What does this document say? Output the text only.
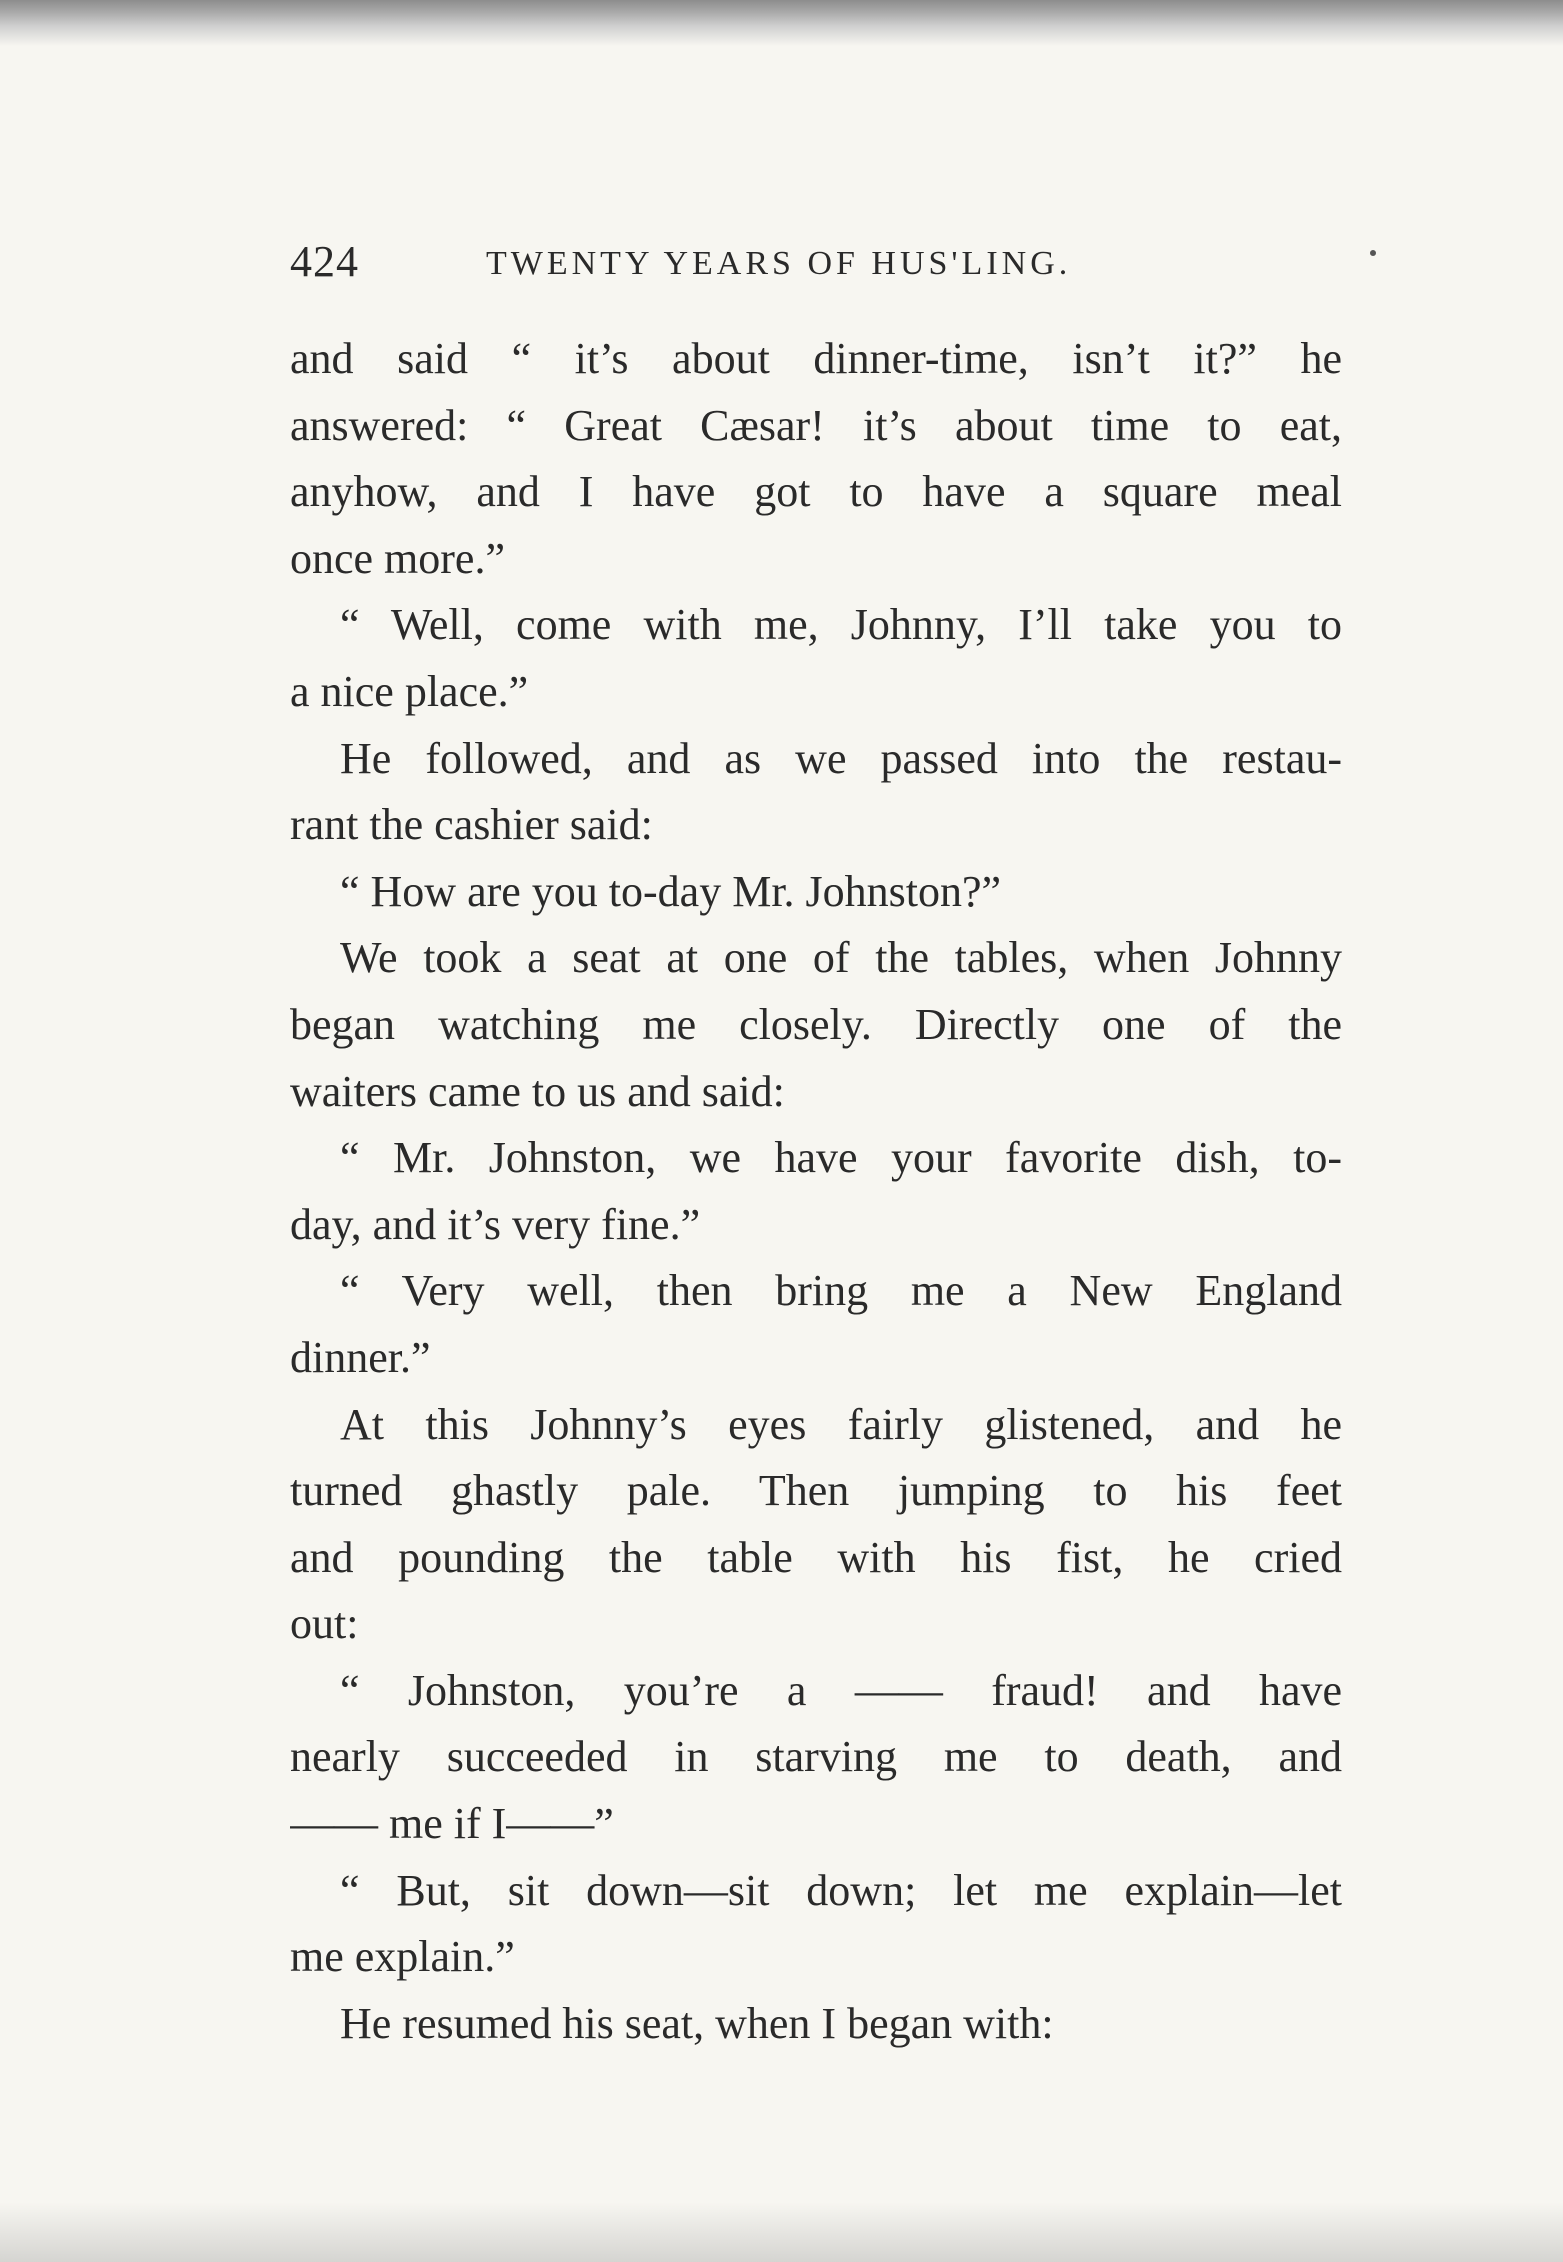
424	TWENTY YEARS OF HUS'LING.
and said “ it’s about dinner-time, isn’t it?” he
answered: “ Great Cæsar! it’s about time to eat,
anyhow, and I have got to have a square meal
once more.”
“ Well, come with me, Johnny, I’ll take you to
a nice place.”
He followed, and as we passed into the restau-
rant the cashier said:
“ How are you to-day Mr. Johnston?”
We took a seat at one of the tables, when Johnny
began watching me closely. Directly one of the
waiters came to us and said:
“ Mr. Johnston, we have your favorite dish, to-
day, and it’s very fine.”
“ Very well, then bring me a New England
dinner.”
At this Johnny’s eyes fairly glistened, and he
turned ghastly pale. Then jumping to his feet
and pounding the table with his fist, he cried
out:
“ Johnston, you’re a —— fraud! and have
nearly succeeded in starving me to death, and
—— me if I——”
“ But, sit down—sit down; let me explain—let
me explain.”
He resumed his seat, when I began with:
